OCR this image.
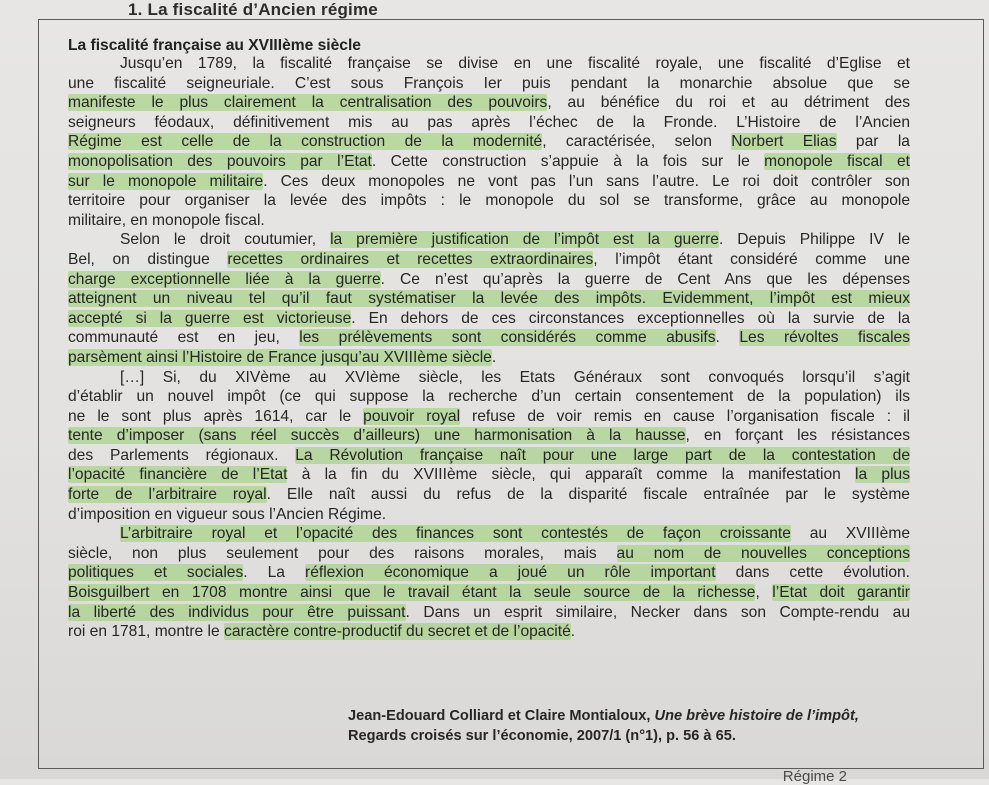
1. La fiscalité d’Ancien régime
La fiscalité française au XVIIIème siècle
Jusqu’en 1789, la fiscalité française se divise en une fiscalité royale, une fiscalité d’Eglise et
une fiscalité seigneuriale. C’est sous François Ier puis pendant la monarchie absolue que se
manifeste le plus clairement la centralisation des pouvoirs, au bénéfice du roi et au détriment des
seigneurs féodaux, définitivement mis au pas après l’échec de la Fronde. L’Histoire de l’Ancien
Régime est celle de la construction de la modernité, caractérisée, selon Norbert Elias par la
monopolisation des pouvoirs par l’Etat. Cette construction s’appuie à la fois sur le monopole fiscal et
sur le monopole militaire. Ces deux monopoles ne vont pas l’un sans l’autre. Le roi doit contrôler son
territoire pour organiser la levée des impôts : le monopole du sol se transforme, grâce au monopole
militaire, en monopole fiscal.
Selon le droit coutumier, la première justification de l’impôt est la guerre. Depuis Philippe IV le
Bel, on distingue recettes ordinaires et recettes extraordinaires, l’impôt étant considéré comme une
charge exceptionnelle liée à la guerre. Ce n’est qu’après la guerre de Cent Ans que les dépenses
atteignent un niveau tel qu’il faut systématiser la levée des impôts. Evidemment, l’impôt est mieux
accepté si la guerre est victorieuse. En dehors de ces circonstances exceptionnelles où la survie de la
communauté est en jeu, les prélèvements sont considérés comme abusifs. Les révoltes fiscales
parsèment ainsi l’Histoire de France jusqu’au XVIIIème siècle.
[…] Si, du XIVème au XVIème siècle, les Etats Généraux sont convoqués lorsqu’il s’agit
d’établir un nouvel impôt (ce qui suppose la recherche d’un certain consentement de la population) ils
ne le sont plus après 1614, car le pouvoir royal refuse de voir remis en cause l’organisation fiscale : il
tente d’imposer (sans réel succès d’ailleurs) une harmonisation à la hausse, en forçant les résistances
des Parlements régionaux. La Révolution française naît pour une large part de la contestation de
l’opacité financière de l’Etat à la fin du XVIIIème siècle, qui apparaît comme la manifestation la plus
forte de l’arbitraire royal. Elle naît aussi du refus de la disparité fiscale entraînée par le système
d’imposition en vigueur sous l’Ancien Régime.
L’arbitraire royal et l’opacité des finances sont contestés de façon croissante au XVIIIème
siècle, non plus seulement pour des raisons morales, mais au nom de nouvelles conceptions
politiques et sociales. La réflexion économique a joué un rôle important dans cette évolution.
Boisguilbert en 1708 montre ainsi que le travail étant la seule source de la richesse, l’Etat doit garantir
la liberté des individus pour être puissant. Dans un esprit similaire, Necker dans son Compte-rendu au
roi en 1781, montre le caractère contre-productif du secret et de l’opacité.
Jean-Edouard Colliard et Claire Montialoux, Une brève histoire de l’impôt,
Regards croisés sur l’économie, 2007/1 (n°1), p. 56 à 65.
Régime 2
